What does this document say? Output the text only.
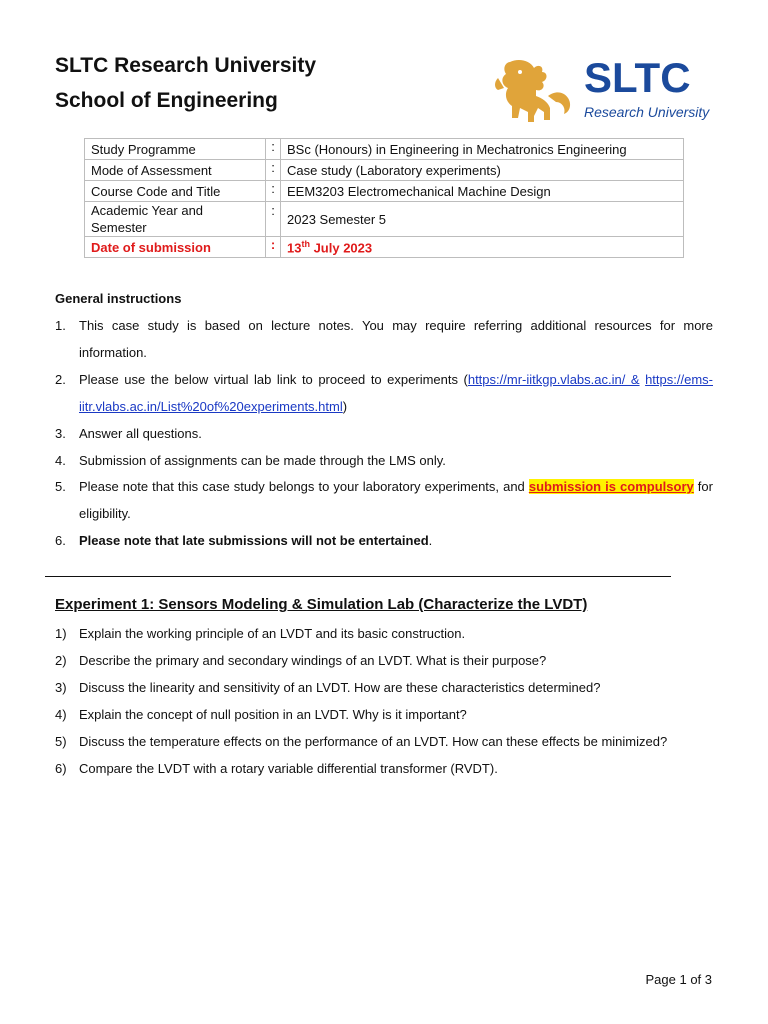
SLTC Research University
School of Engineering	SLTC
Research University
Study Programme	:	BSc (Honours) in Engineering in Mechatronics Engineering
Mode of Assessment	:	Case study (Laboratory experiments)
Course Code and Title	:	EEM3203 Electromechanical Machine Design
Academic Year and Semester	:	2023 Semester 5
Date of submission	:	13th July 2023
General instructions
1. This case study is based on lecture notes. You may require referring additional resources for more information.
2. Please use the below virtual lab link to proceed to experiments (https://mr-iitkgp.vlabs.ac.in/ & https://ems-iitr.vlabs.ac.in/List%20of%20experiments.html)
3. Answer all questions.
4. Submission of assignments can be made through the LMS only.
5. Please note that this case study belongs to your laboratory experiments, and submission is compulsory for eligibility.
6. Please note that late submissions will not be entertained.
Experiment 1: Sensors Modeling & Simulation Lab (Characterize the LVDT)
1) Explain the working principle of an LVDT and its basic construction.
2) Describe the primary and secondary windings of an LVDT. What is their purpose?
3) Discuss the linearity and sensitivity of an LVDT. How are these characteristics determined?
4) Explain the concept of null position in an LVDT. Why is it important?
5) Discuss the temperature effects on the performance of an LVDT. How can these effects be minimized?
6) Compare the LVDT with a rotary variable differential transformer (RVDT).
Page 1 of 3
